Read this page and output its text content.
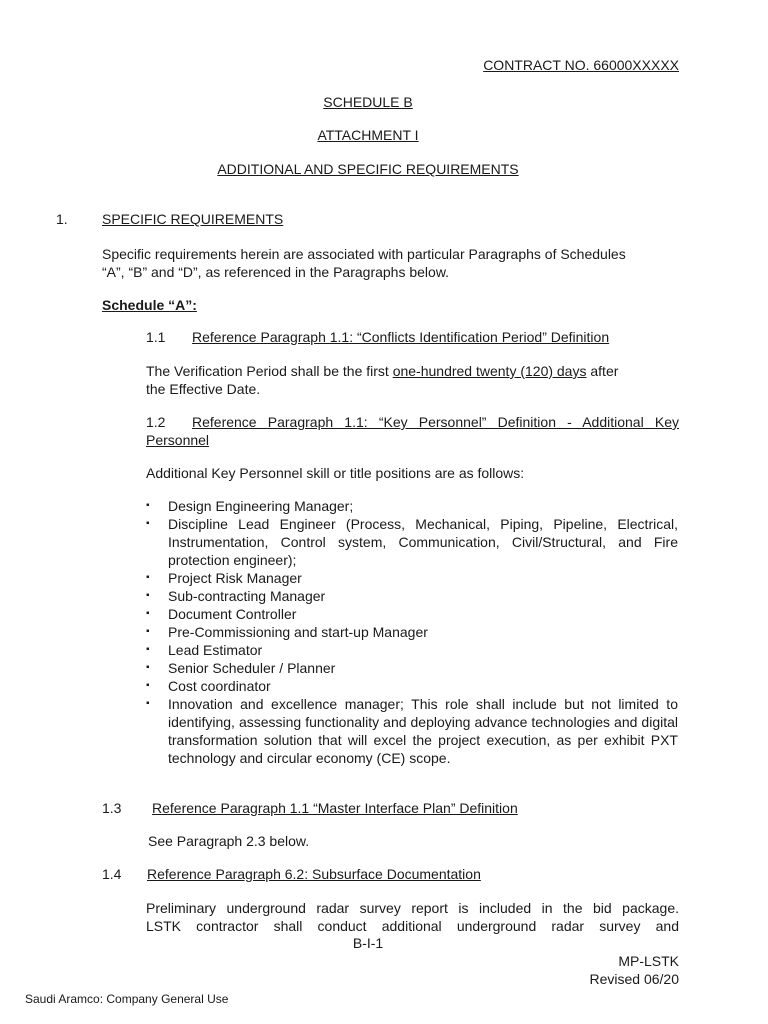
CONTRACT NO. 66000XXXXX
SCHEDULE B
ATTACHMENT I
ADDITIONAL AND SPECIFIC REQUIREMENTS
1. SPECIFIC REQUIREMENTS
Specific requirements herein are associated with particular Paragraphs of Schedules
“A”, “B” and “D”, as referenced in the Paragraphs below.
Schedule “A”:
1.1 Reference Paragraph 1.1: “Conflicts Identification Period” Definition
The Verification Period shall be the first one-hundred twenty (120) days after
the Effective Date.
1.2	Reference Paragraph 1.1: “Key Personnel” Definition - Additional Key
Personnel
Additional Key Personnel skill or title positions are as follows:
▪ Design Engineering Manager;
▪ Discipline Lead Engineer (Process, Mechanical, Piping, Pipeline, Electrical, Instrumentation, Control system, Communication, Civil/Structural, and Fire protection engineer);
▪ Project Risk Manager
▪ Sub-contracting Manager
▪ Document Controller
▪ Pre-Commissioning and start-up Manager
▪ Lead Estimator
▪ Senior Scheduler / Planner
▪ Cost coordinator
▪ Innovation and excellence manager; This role shall include but not limited to identifying, assessing functionality and deploying advance technologies and digital transformation solution that will excel the project execution, as per exhibit PXT technology and circular economy (CE) scope.
1.3 Reference Paragraph 1.1 “Master Interface Plan” Definition
See Paragraph 2.3 below.
1.4 Reference Paragraph 6.2: Subsurface Documentation
Preliminary underground radar survey report is included in the bid package.
LSTK contractor shall conduct additional underground radar survey and
B-I-1
MP-LSTK
Revised 06/20
Saudi Aramco: Company General Use
